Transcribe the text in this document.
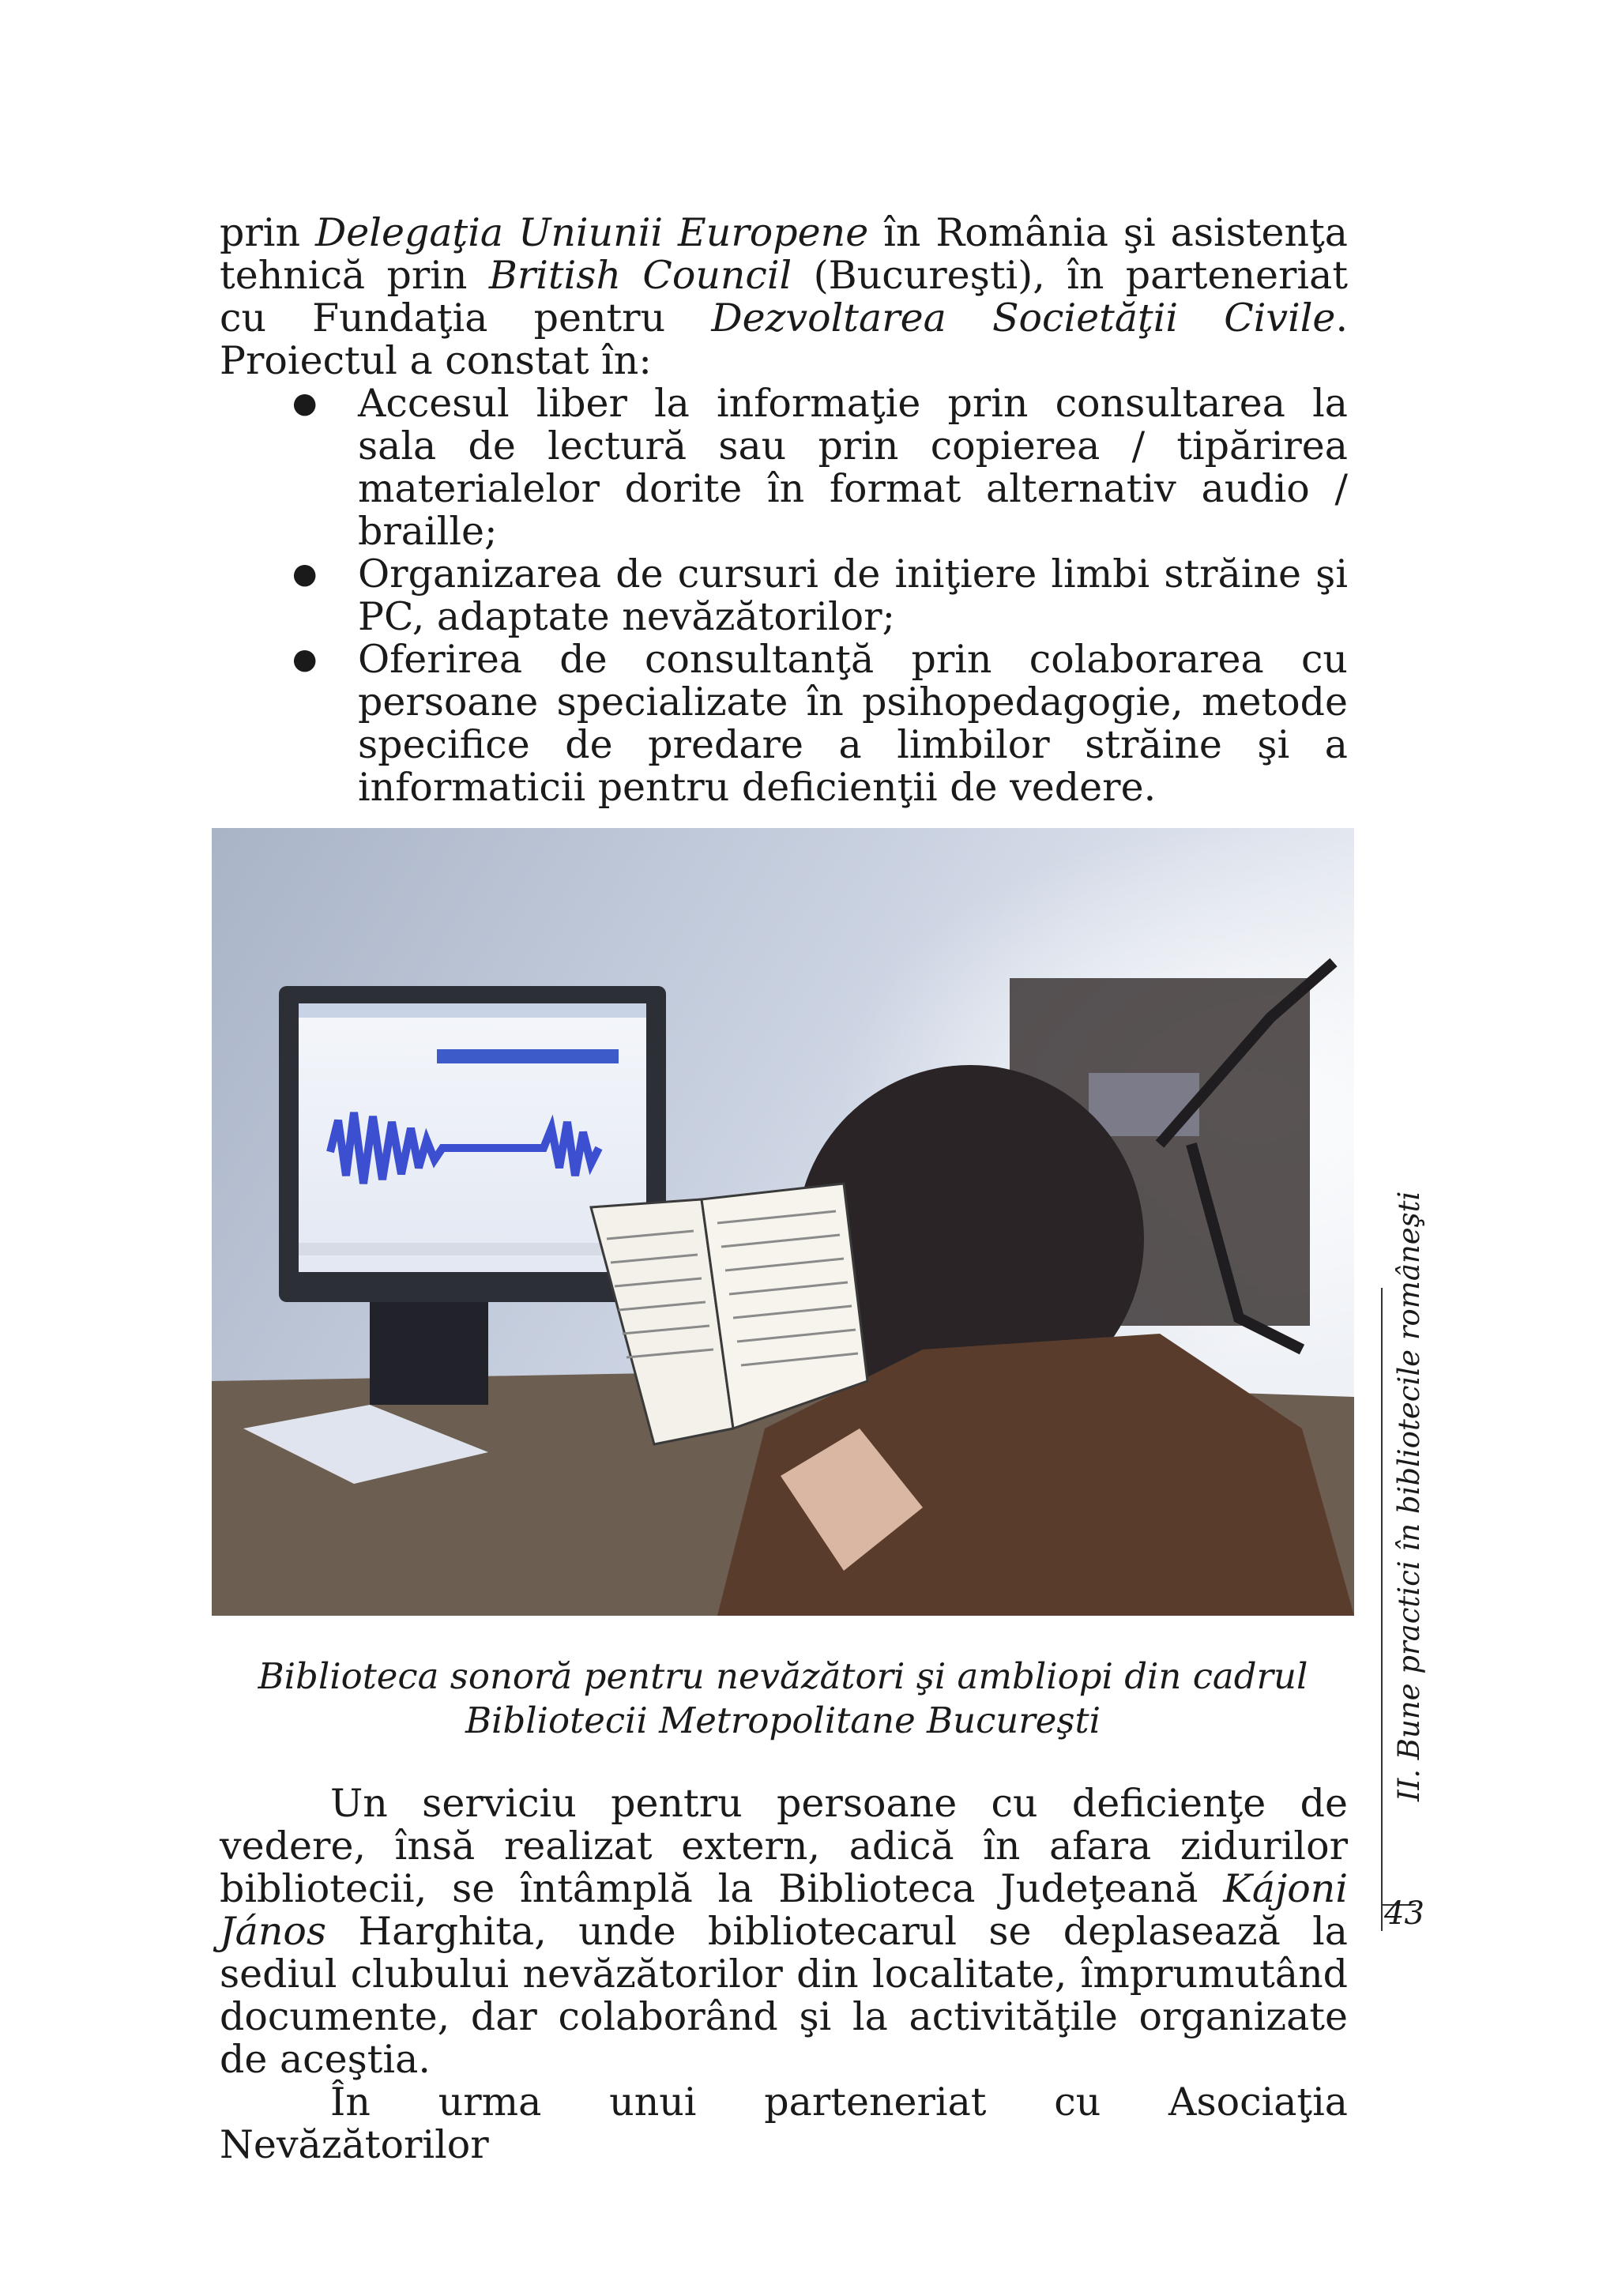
prin Delegaţia Uniunii Europene în România şi asistenţa tehnică prin British Council (Bucureşti), în parteneriat cu Fundaţia pentru Dezvoltarea Societăţii Civile. Proiectul a constat în:

● Accesul liber la informaţie prin consultarea la sala de lectură sau prin copierea / tipărirea materialelor dorite în format alternativ audio / braille;
● Organizarea de cursuri de iniţiere limbi străine şi PC, adaptate nevăzătorilor;
● Oferirea de consultanţă prin colaborarea cu persoane specializate în psihopedagogie, metode specifice de predare a limbilor străine şi a informaticii pentru deficienţii de vedere.
Biblioteca sonoră pentru nevăzători şi ambliopi din cadrul
Bibliotecii Metropolitane Bucureşti

Un serviciu pentru persoane cu deficienţe de vedere, însă realizat extern, adică în afara zidurilor bibliotecii, se întâmplă la Biblioteca Judeţeană Kájoni János Harghita, unde bibliotecarul se deplasează la sediul clubului nevăzătorilor din localitate, împrumutând documente, dar colaborând şi la activităţile organizate de aceştia.

În urma unui parteneriat cu Asociaţia Nevăzătorilor

II. Bune practici în bibliotecile româneşti
43
